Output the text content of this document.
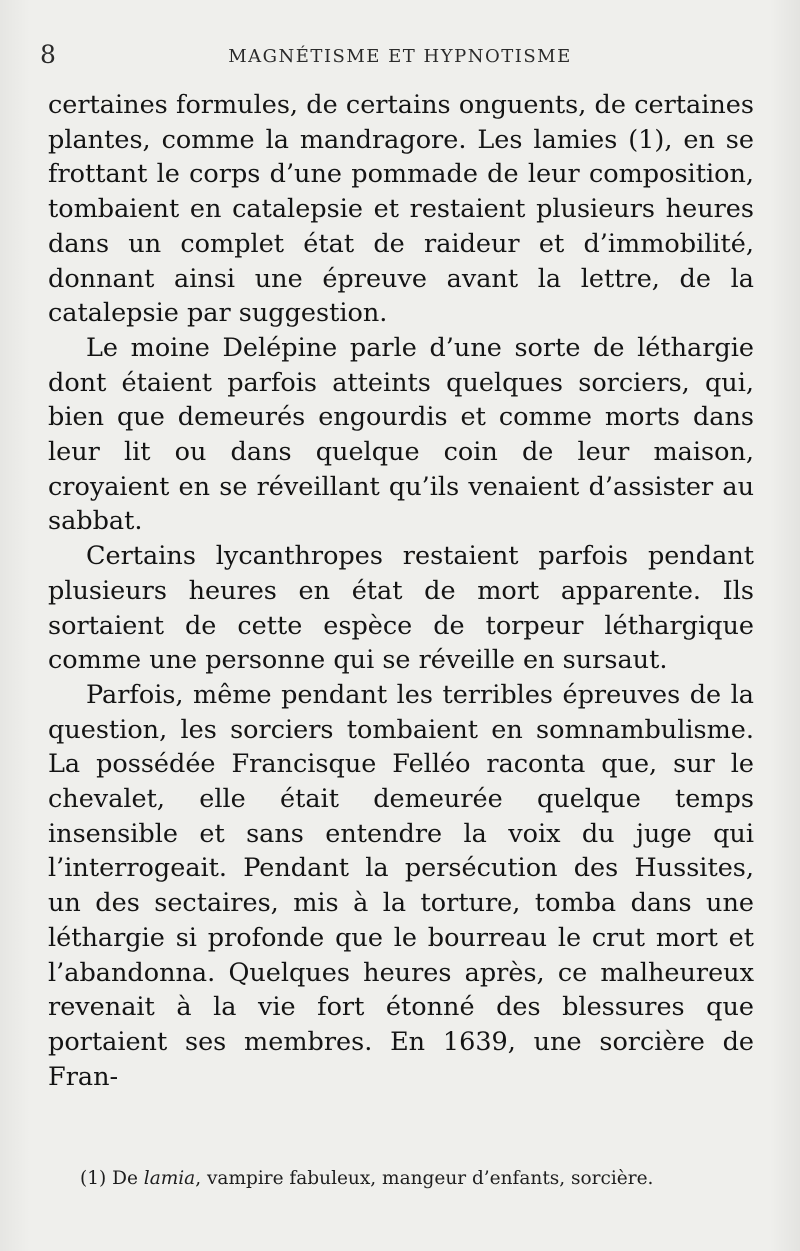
8	MAGNÉTISME ET HYPNOTISME

certaines formules, de certains onguents, de certaines plantes, comme la mandragore. Les lamies (1), en se frottant le corps d’une pommade de leur composition, tombaient en catalepsie et restaient plusieurs heures dans un complet état de raideur et d’immobilité, donnant ainsi une épreuve avant la lettre, de la catalepsie par suggestion.

Le moine Delépine parle d’une sorte de léthargie dont étaient parfois atteints quelques sorciers, qui, bien que demeurés engourdis et comme morts dans leur lit ou dans quelque coin de leur maison, croyaient en se réveillant qu’ils venaient d’assister au sabbat.

Certains lycanthropes restaient parfois pendant plusieurs heures en état de mort apparente. Ils sortaient de cette espèce de torpeur léthargique comme une personne qui se réveille en sursaut.

Parfois, même pendant les terribles épreuves de la question, les sorciers tombaient en somnambulisme. La possédée Francisque Felléo raconta que, sur le chevalet, elle était demeurée quelque temps insensible et sans entendre la voix du juge qui l’interrogeait. Pendant la persécution des Hussites, un des sectaires, mis à la torture, tomba dans une léthargie si profonde que le bourreau le crut mort et l’abandonna. Quelques heures après, ce malheureux revenait à la vie fort étonné des blessures que portaient ses membres. En 1639, une sorcière de Fran-

(1) De lamia, vampire fabuleux, mangeur d’enfants, sorcière.
